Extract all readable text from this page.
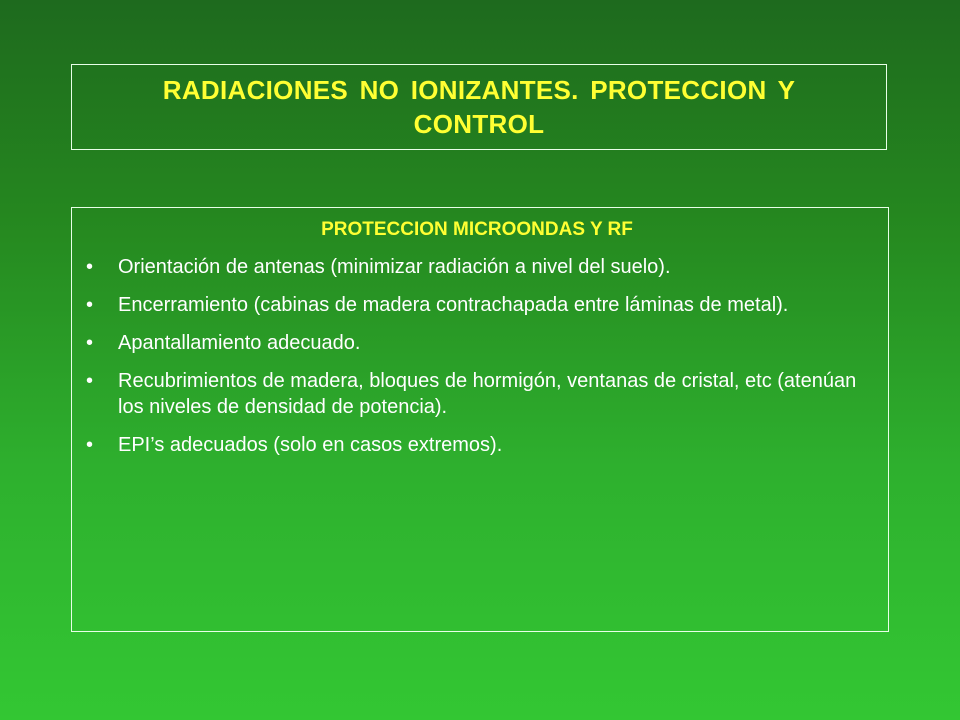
RADIACIONES NO IONIZANTES. PROTECCION Y
CONTROL
PROTECCION MICROONDAS Y RF
• Orientación de antenas (minimizar radiación a nivel del suelo).
• Encerramiento (cabinas de madera contrachapada entre láminas de metal).
• Apantallamiento adecuado.
• Recubrimientos de madera, bloques de hormigón, ventanas de cristal, etc (atenúan los niveles de densidad de potencia).
• EPI’s adecuados (solo en casos extremos).
